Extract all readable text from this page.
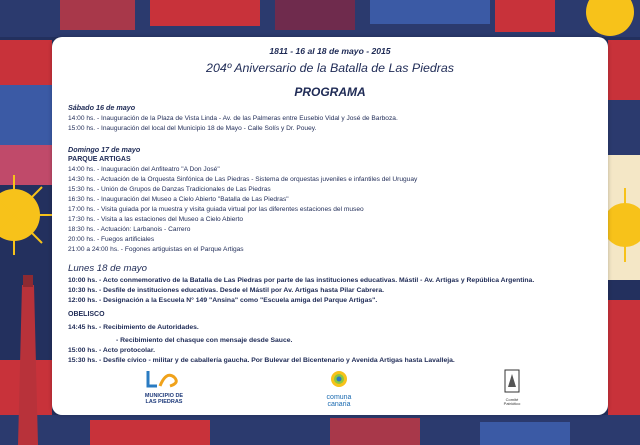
1811 - 16 al 18 de mayo - 2015
204º Aniversario de la Batalla de Las Piedras
PROGRAMA
Sábado 16 de mayo
14:00 hs. - Inauguración de la Plaza de Vista Linda - Av. de las Palmeras entre Eusebio Vidal y José de Barboza.
15:00 hs. - Inauguración del local del Municipio 18 de Mayo - Calle Solís y Dr. Pouey.
Domingo 17 de mayo
PARQUE ARTIGAS
14:00 hs. - Inauguración del Anfiteatro "A Don José"
14:30 hs. - Actuación de la Orquesta Sinfónica de Las Piedras - Sistema de orquestas juveniles e infantiles del Uruguay
15:30 hs. - Unión de Grupos de Danzas Tradicionales de Las Piedras
16:30 hs. - Inauguración del Museo a Cielo Abierto "Batalla de Las Piedras"
17:00 hs. - Visita guiada por la muestra y visita guiada virtual por las diferentes estaciones del museo
17:30 hs. - Visita a las estaciones del Museo a Cielo Abierto
18:30 hs. - Actuación: Larbanois - Carrero
20:00 hs. - Fuegos artificiales
21:00 a 24:00 hs. - Fogones artiguistas en el Parque Artigas
Lunes 18 de mayo
10:00 hs. - Acto conmemorativo de la Batalla de Las Piedras por parte de las instituciones educativas. Mástil - Av. Artigas y República Argentina.
10:30 hs. - Desfile de instituciones educativas. Desde el Mástil por Av. Artigas hasta Pilar Cabrera.
12:00 hs. - Designación a la Escuela N° 149 "Ansina" como "Escuela amiga del Parque Artigas".
OBELISCO
14:45 hs. - Recibimiento de Autoridades.
- Recibimiento del chasque con mensaje desde Sauce.
15:00 hs. - Acto protocolar.
15:30 hs. - Desfile cívico - militar y de caballería gaucha. Por Bulevar del Bicentenario y Avenida Artigas hasta Lavalleja.
MUNICIPIO DE
LAS PIEDRAS
comuna
canaria
Comité
Patriótico
